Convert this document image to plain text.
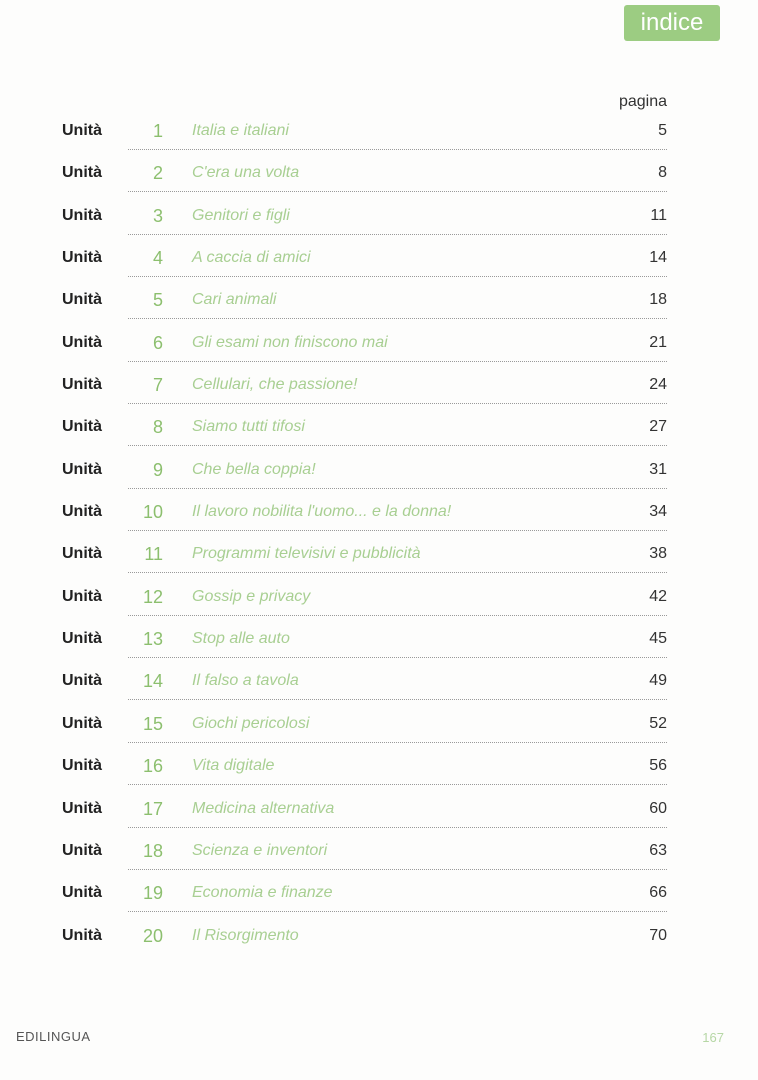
indice
pagina
Unità	1 Italia e italiani	5
Unità	2 C'era una volta	8
Unità	3 Genitori e figli	11
Unità	4 A caccia di amici	14
Unità	5 Cari animali	18
Unità	6 Gli esami non finiscono mai	21
Unità	7 Cellulari, che passione!	24
Unità	8 Siamo tutti tifosi	27
Unità	9 Che bella coppia!	31
Unità	10 Il lavoro nobilita l'uomo... e la donna!	34
Unità	11 Programmi televisivi e pubblicità	38
Unità	12 Gossip e privacy	42
Unità	13 Stop alle auto	45
Unità	14 Il falso a tavola	49
Unità	15 Giochi pericolosi	52
Unità	16 Vita digitale	56
Unità	17 Medicina alternativa	60
Unità	18 Scienza e inventori	63
Unità	19 Economia e finanze	66
Unità	20 Il Risorgimento	70
EDILINGUA	167
